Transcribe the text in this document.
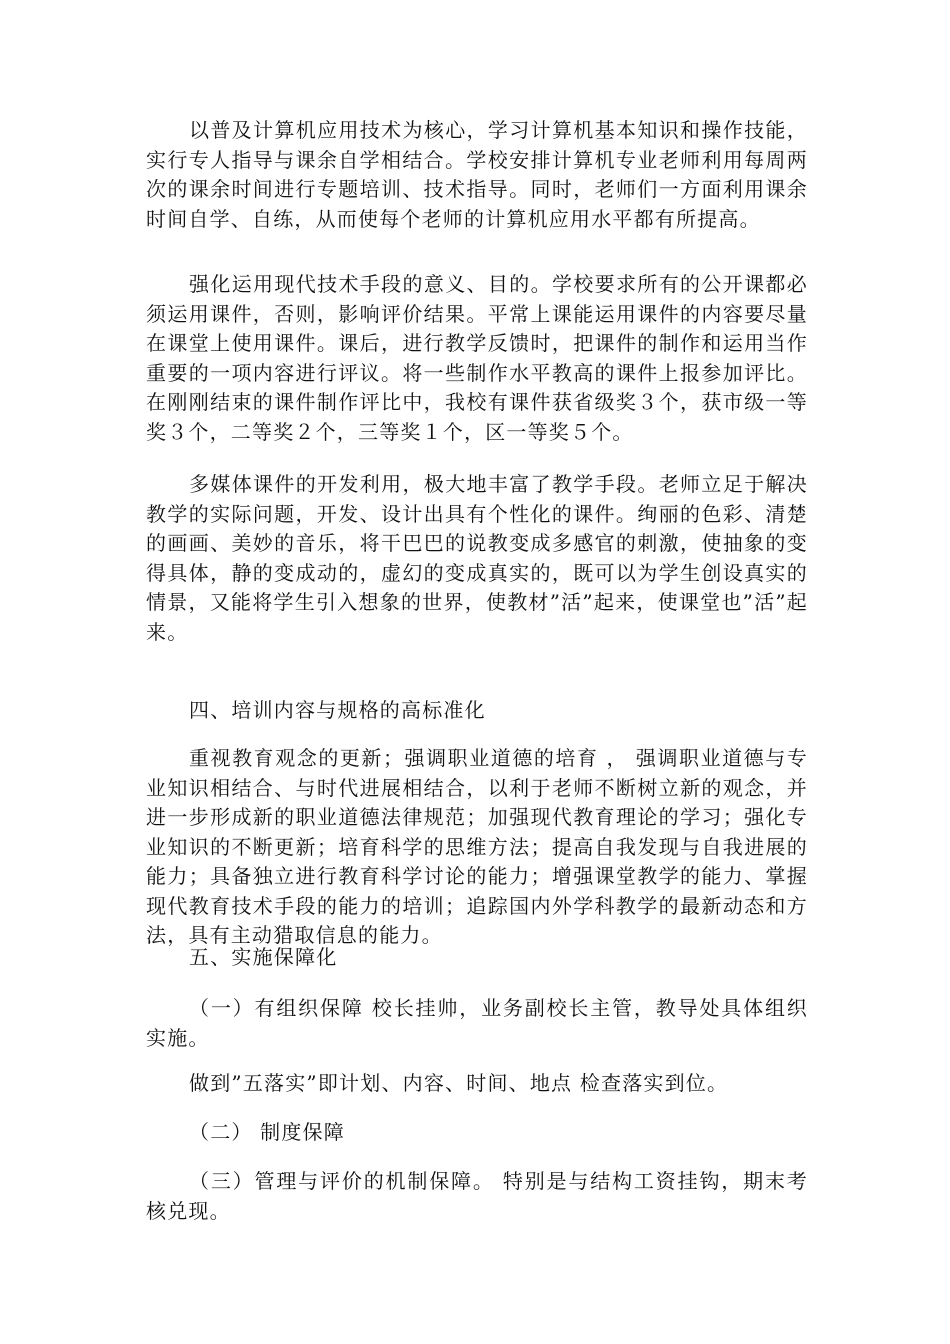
以普及计算机应用技术为核心，学习计算机基本知识和操作技能，实行专人指导与课余自学相结合。学校安排计算机专业老师利用每周两次的课余时间进行专题培训、技术指导。同时，老师们一方面利用课余时间自学、自练，从而使每个老师的计算机应用水平都有所提高。

强化运用现代技术手段的意义、目的。学校要求所有的公开课都必须运用课件，否则，影响评价结果。平常上课能运用课件的内容要尽量在课堂上使用课件。课后，进行教学反馈时，把课件的制作和运用当作重要的一项内容进行评议。将一些制作水平教高的课件上报参加评比。在刚刚结束的课件制作评比中，我校有课件获省级奖３个，获市级一等奖３个，二等奖２个，三等奖１个，区一等奖５个。

多媒体课件的开发利用，极大地丰富了教学手段。老师立足于解决教学的实际问题，开发、设计出具有个性化的课件。绚丽的色彩、清楚的画画、美妙的音乐，将干巴巴的说教变成多感官的刺激，使抽象的变得具体，静的变成动的，虚幻的变成真实的，既可以为学生创设真实的情景，又能将学生引入想象的世界，使教材”活”起来，使课堂也”活”起来。

四、培训内容与规格的高标准化

重视教育观念的更新；强调职业道德的培育 ， 强调职业道德与专业知识相结合、与时代进展相结合，以利于老师不断树立新的观念，并进一步形成新的职业道德法律规范；加强现代教育理论的学习；强化专业知识的不断更新；培育科学的思维方法；提高自我发现与自我进展的能力；具备独立进行教育科学讨论的能力；增强课堂教学的能力、掌握现代教育技术手段的能力的培训；追踪国内外学科教学的最新动态和方法，具有主动猎取信息的能力。

五、实施保障化

（一）有组织保障 校长挂帅，业务副校长主管，教导处具体组织实施。

做到”五落实”即计划、内容、时间、地点 检查落实到位。

（二） 制度保障

（三）管理与评价的机制保障。 特别是与结构工资挂钩，期末考核兑现。
